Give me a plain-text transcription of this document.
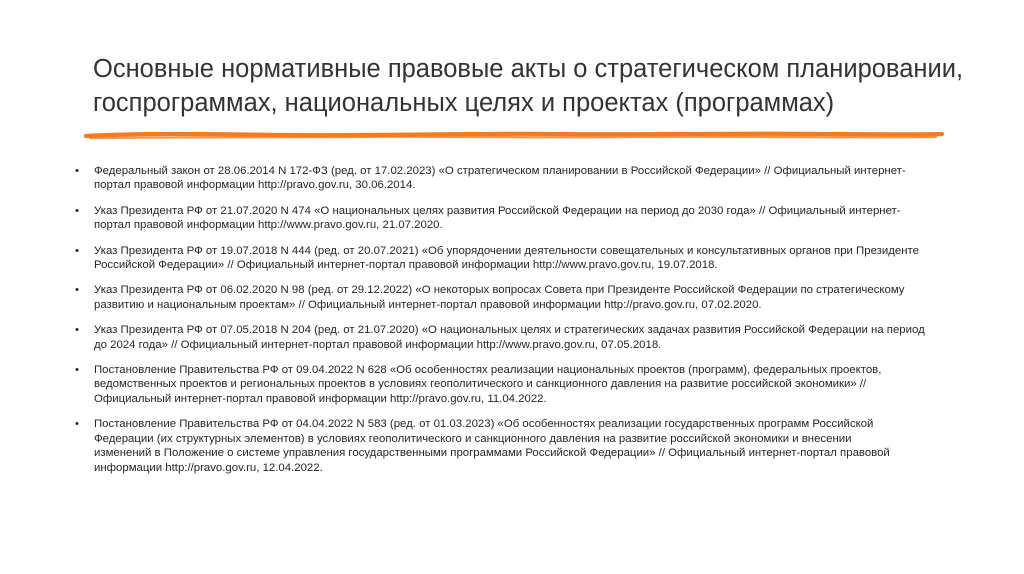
Основные нормативные правовые акты о стратегическом планировании,
госпрограммах, национальных целях и проектах (программах)
• Федеральный закон от 28.06.2014 N 172-ФЗ (ред. от 17.02.2023) «О стратегическом планировании в Российской Федерации» // Официальный интернет-
портал правовой информации http://pravo.gov.ru, 30.06.2014.
• Указ Президента РФ от 21.07.2020 N 474 «О национальных целях развития Российской Федерации на период до 2030 года» // Официальный интернет-
портал правовой информации http://www.pravo.gov.ru, 21.07.2020.
• Указ Президента РФ от 19.07.2018 N 444 (ред. от 20.07.2021) «Об упорядочении деятельности совещательных и консультативных органов при Президенте
Российской Федерации» // Официальный интернет-портал правовой информации http://www.pravo.gov.ru, 19.07.2018.
• Указ Президента РФ от 06.02.2020 N 98 (ред. от 29.12.2022) «О некоторых вопросах Совета при Президенте Российской Федерации по стратегическому
развитию и национальным проектам» // Официальный интернет-портал правовой информации http://pravo.gov.ru, 07.02.2020.
• Указ Президента РФ от 07.05.2018 N 204 (ред. от 21.07.2020) «О национальных целях и стратегических задачах развития Российской Федерации на период
до 2024 года» // Официальный интернет-портал правовой информации http://www.pravo.gov.ru, 07.05.2018.
• Постановление Правительства РФ от 09.04.2022 N 628 «Об особенностях реализации национальных проектов (программ), федеральных проектов,
ведомственных проектов и региональных проектов в условиях геополитического и санкционного давления на развитие российской экономики» //
Официальный интернет-портал правовой информации http://pravo.gov.ru, 11.04.2022.
• Постановление Правительства РФ от 04.04.2022 N 583 (ред. от 01.03.2023) «Об особенностях реализации государственных программ Российской
Федерации (их структурных элементов) в условиях геополитического и санкционного давления на развитие российской экономики и внесении
изменений в Положение о системе управления государственными программами Российской Федерации» // Официальный интернет-портал правовой
информации http://pravo.gov.ru, 12.04.2022.
